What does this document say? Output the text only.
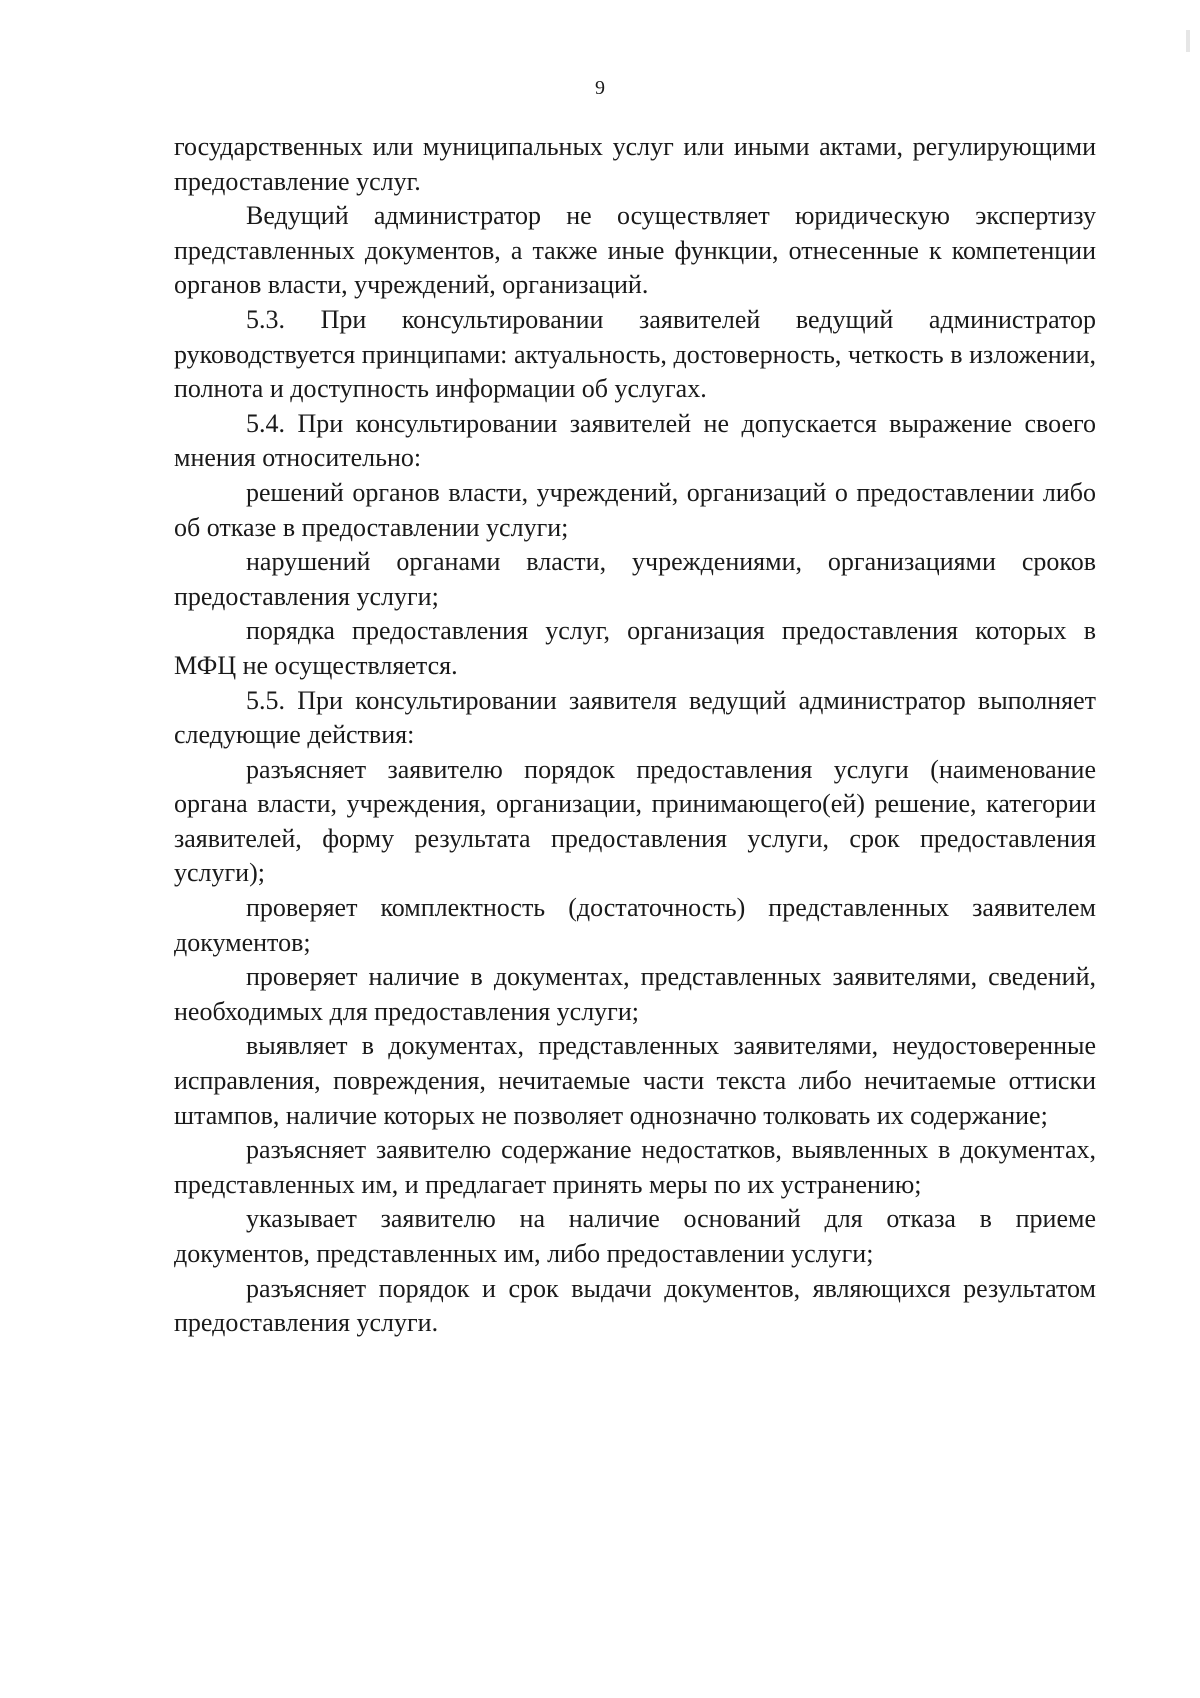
9

государственных или муниципальных услуг или иными актами, регулирующими предоставление услуг.

Ведущий администратор не осуществляет юридическую экспертизу представленных документов, а также иные функции, отнесенные к компетенции органов власти, учреждений, организаций.

5.3. При консультировании заявителей ведущий администратор руководствуется принципами: актуальность, достоверность, четкость в изложении, полнота и доступность информации об услугах.

5.4. При консультировании заявителей не допускается выражение своего мнения относительно:

решений органов власти, учреждений, организаций о предоставлении либо об отказе в предоставлении услуги;

нарушений органами власти, учреждениями, организациями сроков предоставления услуги;

порядка предоставления услуг, организация предоставления которых в МФЦ не осуществляется.

5.5. При консультировании заявителя ведущий администратор выполняет следующие действия:

разъясняет заявителю порядок предоставления услуги (наименование органа власти, учреждения, организации, принимающего(ей) решение, категории заявителей, форму результата предоставления услуги, срок предоставления услуги);

проверяет комплектность (достаточность) представленных заявителем документов;

проверяет наличие в документах, представленных заявителями, сведений, необходимых для предоставления услуги;

выявляет в документах, представленных заявителями, неудостоверенные исправления, повреждения, нечитаемые части текста либо нечитаемые оттиски штампов, наличие которых не позволяет однозначно толковать их содержание;

разъясняет заявителю содержание недостатков, выявленных в документах, представленных им, и предлагает принять меры по их устранению;

указывает заявителю на наличие оснований для отказа в приеме документов, представленных им, либо предоставлении услуги;

разъясняет порядок и срок выдачи документов, являющихся результатом предоставления услуги.
